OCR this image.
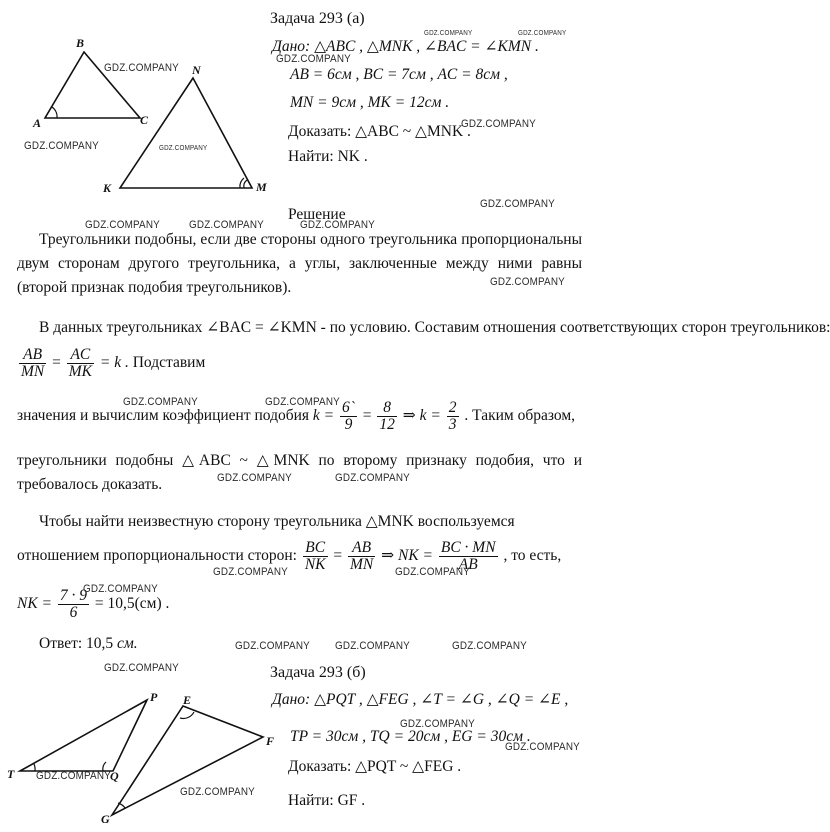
B
A	C
N
K	M
Задача 293 (а)
Дано: △ABC , △MNK , ∠BAC = ∠KMN .
AB = 6см , BC = 7см , AC = 8см ,
MN = 9см , MK = 12см .
Доказать: △ABC ~ △MNK .
Найти: NK .
Решение
Треугольники подобны, если две стороны одного треугольника пропорциональны двум сторонам другого треугольника, а углы, заключенные между ними равны (второй признак подобия треугольников).
В данных треугольниках ∠BAC = ∠KMN - по условию. Составим отношения соответствующих сторон треугольников:
$\frac{AB}{MN} = \frac{AC}{MK} = k$ . Подставим
значения и вычислим коэффициент подобия $k = \frac{6`}{9} = \frac{8}{12}$ ⇒ $k = \frac{2}{3}$ . Таким образом,
треугольники подобны △ABC ~ △MNK по второму признаку подобия, что и требовалось доказать.
Чтобы найти неизвестную сторону треугольника △MNK воспользуемся
отношением пропорциональности сторон: $\frac{BC}{NK} = \frac{AB}{MN}$ ⇒ NK = $\frac{BC \cdot MN}{AB}$ , то есть,
NK = $\frac{7 \cdot 9}{6} = 10,5(см)$ .
Ответ: 10,5 см.
Задача 293 (б)
P
T	Q
E
F
G
Дано: △PQT , △FEG , ∠T = ∠G , ∠Q = ∠E ,
TP = 30см , TQ = 20см , EG = 30см .
Доказать: △PQT ~ △FEG .
Найти: GF .
GDZ.COMPANY	GDZ.COMPANY
GDZ.COMPANY
GDZ.COMPANY
GDZ.COMPANY
GDZ.COMPANY	GDZ.COMPANY
GDZ.COMPANY
GDZ.COMPANY	GDZ.COMPANY	GDZ.COMPANY
GDZ.COMPANY
GDZ.COMPANY	GDZ.COMPANY
GDZ.COMPANY	GDZ.COMPANY
GDZ.COMPANY	GDZ.COMPANY
GDZ.COMPANY
GDZ.COMPANY GDZ.COMPANY	GDZ.COMPANY
GDZ.COMPANY
GDZ.COMPANY
GDZ.COMPANY
GDZ.COMPANY
GDZ.COMPANY
